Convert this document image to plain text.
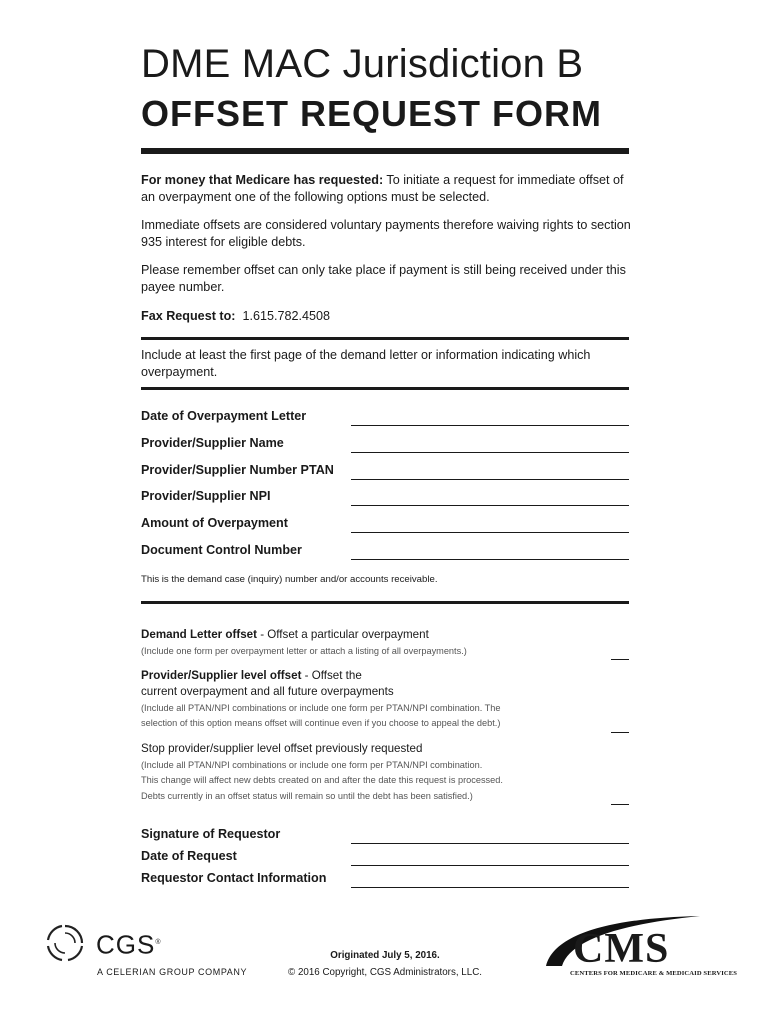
DME MAC Jurisdiction B
OFFSET REQUEST FORM
For money that Medicare has requested: To initiate a request for immediate offset of an overpayment one of the following options must be selected.
Immediate offsets are considered voluntary payments therefore waiving rights to section 935 interest for eligible debts.
Please remember offset can only take place if payment is still being received under this payee number.
Fax Request to: 1.615.782.4508
Include at least the first page of the demand letter or information indicating which overpayment.
Date of Overpayment Letter
Provider/Supplier Name
Provider/Supplier Number PTAN
Provider/Supplier NPI
Amount of Overpayment
Document Control Number
This is the demand case (inquiry) number and/or accounts receivable.
Demand Letter offset - Offset a particular overpayment
(Include one form per overpayment letter or attach a listing of all overpayments.)
Provider/Supplier level offset - Offset the
current overpayment and all future overpayments
(Include all PTAN/NPI combinations or include one form per PTAN/NPI combination. The
selection of this option means offset will continue even if you choose to appeal the debt.)
Stop provider/supplier level offset previously requested
(Include all PTAN/NPI combinations or include one form per PTAN/NPI combination.
This change will affect new debts created on and after the date this request is processed.
Debts currently in an offset status will remain so until the debt has been satisfied.)
Signature of Requestor
Date of Request
Requestor Contact Information
CGS®
A CELERIAN GROUP COMPANY
Originated July 5, 2016.
© 2016 Copyright, CGS Administrators, LLC.
CMS
CENTERS FOR MEDICARE & MEDICAID SERVICES
